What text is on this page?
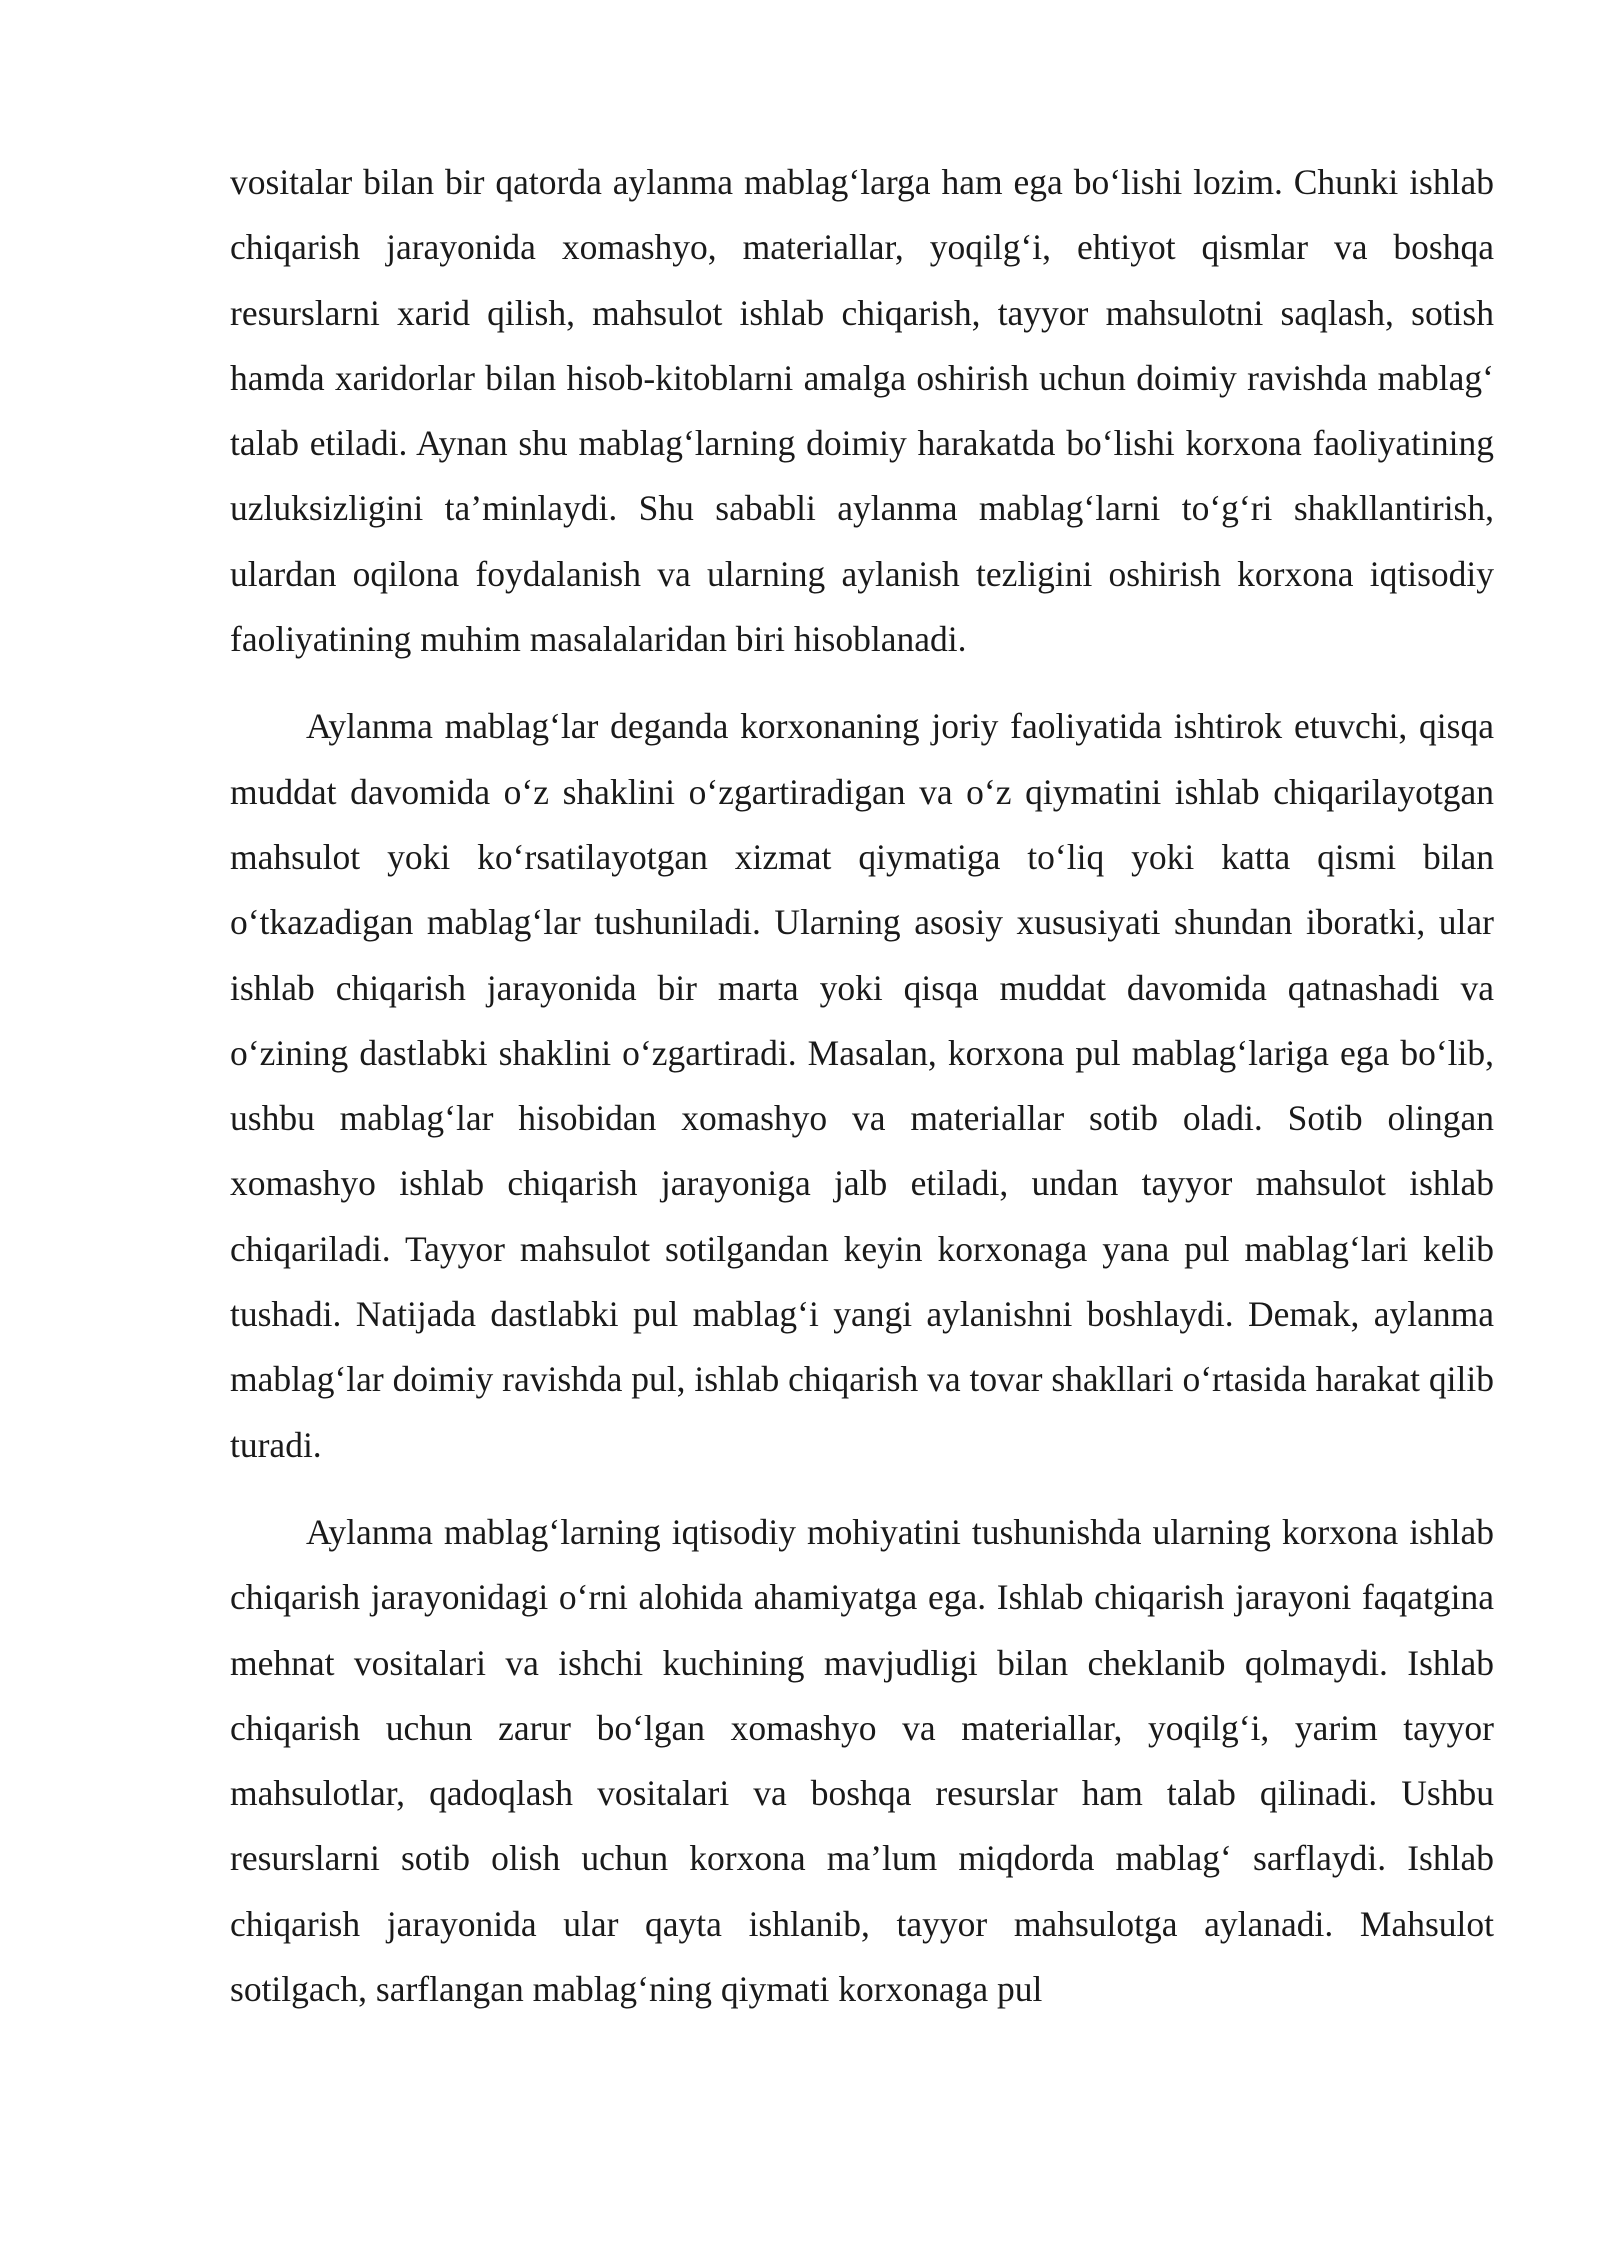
vositalar bilan bir qatorda aylanma mablag‘larga ham ega bo‘lishi lozim. Chunki ishlab chiqarish jarayonida xomashyo, materiallar, yoqilg‘i, ehtiyot qismlar va boshqa resurslarni xarid qilish, mahsulot ishlab chiqarish, tayyor mahsulotni saqlash, sotish hamda xaridorlar bilan hisob-kitoblarni amalga oshirish uchun doimiy ravishda mablag‘ talab etiladi. Aynan shu mablag‘larning doimiy harakatda bo‘lishi korxona faoliyatining uzluksizligini ta’minlaydi. Shu sababli aylanma mablag‘larni to‘g‘ri shakllantirish, ulardan oqilona foydalanish va ularning aylanish tezligini oshirish korxona iqtisodiy faoliyatining muhim masalalaridan biri hisoblanadi.

Aylanma mablag‘lar deganda korxonaning joriy faoliyatida ishtirok etuvchi, qisqa muddat davomida o‘z shaklini o‘zgartiradigan va o‘z qiymatini ishlab chiqarilayotgan mahsulot yoki ko‘rsatilayotgan xizmat qiymatiga to‘liq yoki katta qismi bilan o‘tkazadigan mablag‘lar tushuniladi. Ularning asosiy xususiyati shundan iboratki, ular ishlab chiqarish jarayonida bir marta yoki qisqa muddat davomida qatnashadi va o‘zining dastlabki shaklini o‘zgartiradi. Masalan, korxona pul mablag‘lariga ega bo‘lib, ushbu mablag‘lar hisobidan xomashyo va materiallar sotib oladi. Sotib olingan xomashyo ishlab chiqarish jarayoniga jalb etiladi, undan tayyor mahsulot ishlab chiqariladi. Tayyor mahsulot sotilgandan keyin korxonaga yana pul mablag‘lari kelib tushadi. Natijada dastlabki pul mablag‘i yangi aylanishni boshlaydi. Demak, aylanma mablag‘lar doimiy ravishda pul, ishlab chiqarish va tovar shakllari o‘rtasida harakat qilib turadi.

Aylanma mablag‘larning iqtisodiy mohiyatini tushunishda ularning korxona ishlab chiqarish jarayonidagi o‘rni alohida ahamiyatga ega. Ishlab chiqarish jarayoni faqatgina mehnat vositalari va ishchi kuchining mavjudligi bilan cheklanib qolmaydi. Ishlab chiqarish uchun zarur bo‘lgan xomashyo va materiallar, yoqilg‘i, yarim tayyor mahsulotlar, qadoqlash vositalari va boshqa resurslar ham talab qilinadi. Ushbu resurslarni sotib olish uchun korxona ma’lum miqdorda mablag‘ sarflaydi. Ishlab chiqarish jarayonida ular qayta ishlanib, tayyor mahsulotga aylanadi. Mahsulot sotilgach, sarflangan mablag‘ning qiymati korxonaga pul
